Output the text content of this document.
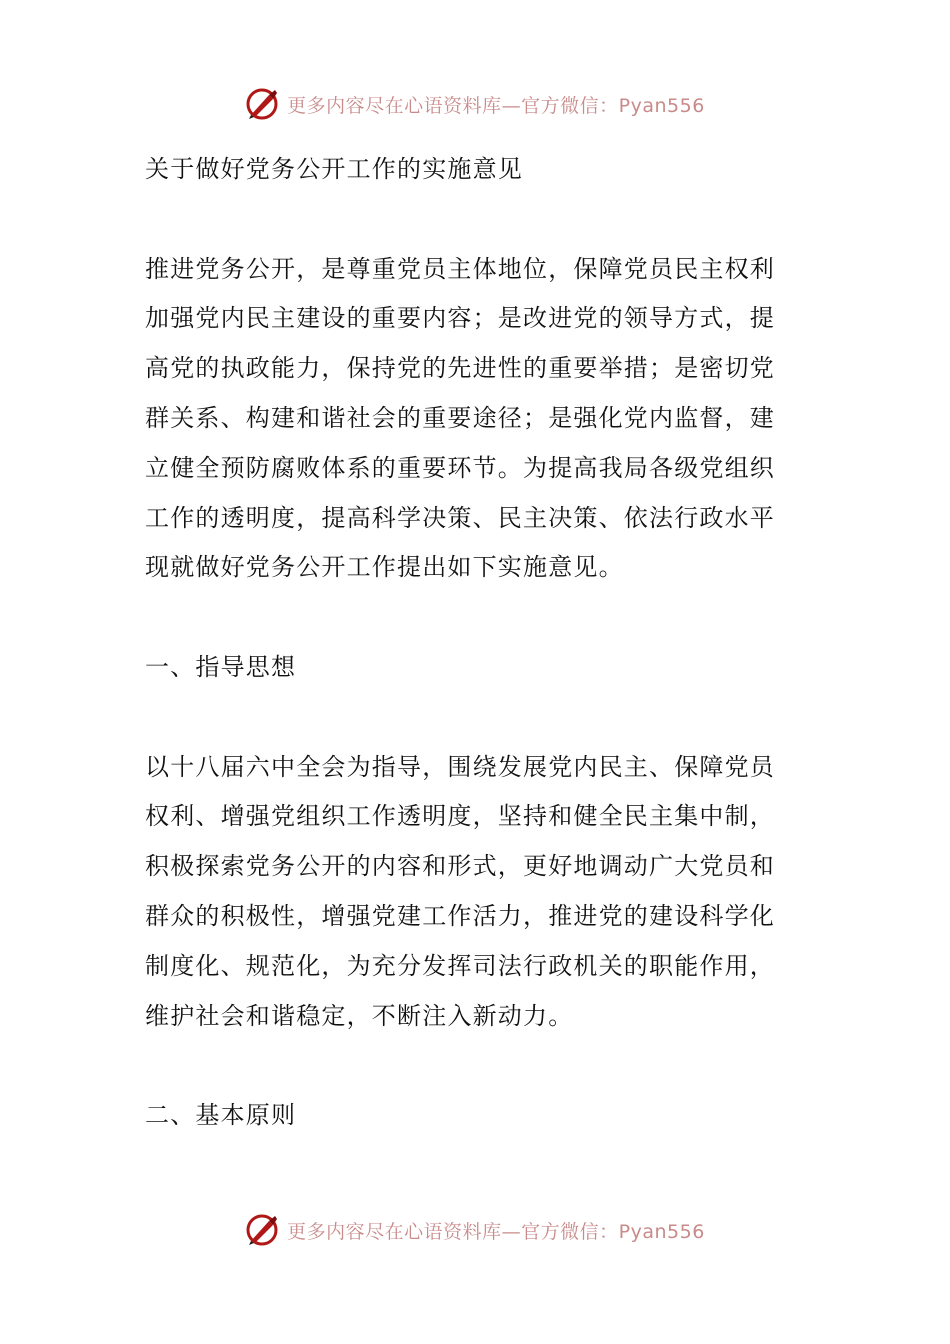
更多内容尽在心语资料库—官方微信：Pyan556
关于做好党务公开工作的实施意见
推进党务公开，是尊重党员主体地位，保障党员民主权利
加强党内民主建设的重要内容；是改进党的领导方式，提
高党的执政能力，保持党的先进性的重要举措；是密切党
群关系、构建和谐社会的重要途径；是强化党内监督，建
立健全预防腐败体系的重要环节。为提高我局各级党组织
工作的透明度，提高科学决策、民主决策、依法行政水平
现就做好党务公开工作提出如下实施意见。
一、指导思想
以十八届六中全会为指导，围绕发展党内民主、保障党员
权利、增强党组织工作透明度，坚持和健全民主集中制，
积极探索党务公开的内容和形式，更好地调动广大党员和
群众的积极性，增强党建工作活力，推进党的建设科学化
制度化、规范化，为充分发挥司法行政机关的职能作用，
维护社会和谐稳定，不断注入新动力。
二、基本原则
更多内容尽在心语资料库—官方微信：Pyan556
